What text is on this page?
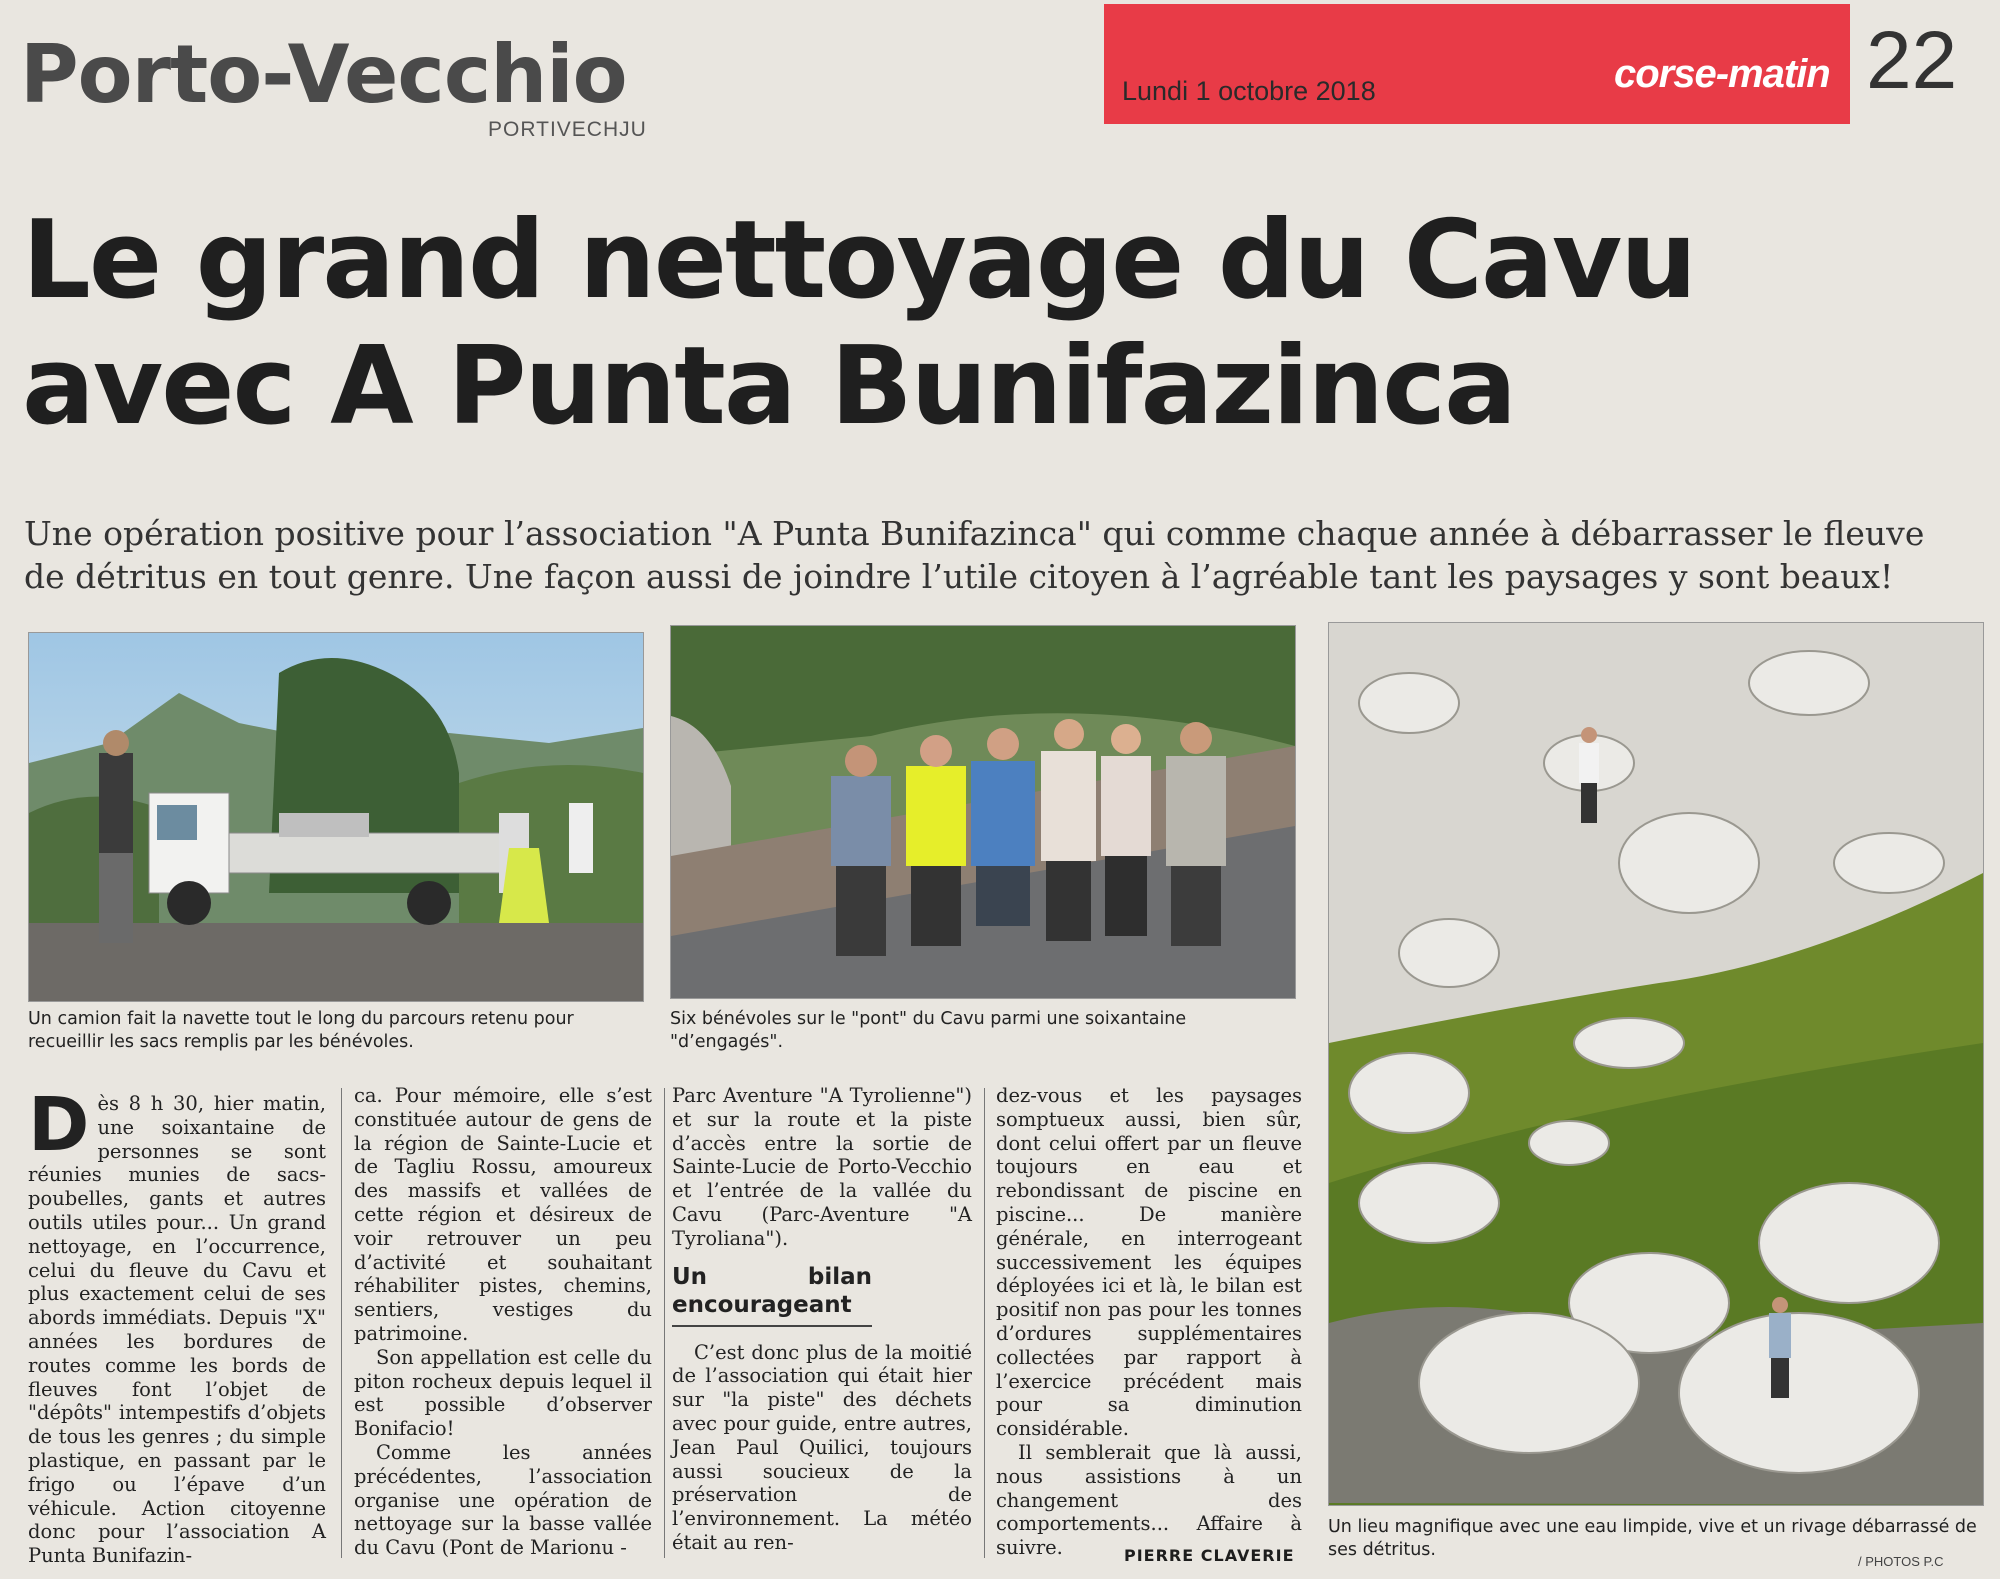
Porto-Vecchio
PORTIVECHJU
Lundi 1 octobre 2018	corse-matin 22
Le grand nettoyage du Cavu
avec A Punta Bunifazinca
Une opération positive pour l’association "A Punta Bunifazinca" qui comme chaque année à débarrasser le fleuve de détritus en tout genre. Une façon aussi de joindre l’utile citoyen à l’agréable tant les paysages y sont beaux!
Un camion fait la navette tout le long du parcours retenu pour recueillir les sacs remplis par les bénévoles.
Six bénévoles sur le "pont" du Cavu parmi une soixantaine "d’engagés".
Un lieu magnifique avec une eau limpide, vive et un rivage débarrassé de ses détritus.
/ PHOTOS P.C
D ès 8 h 30, hier matin, une soixantaine de personnes se sont réunies munies de sacs-poubelles, gants et autres outils utiles pour... Un grand nettoyage, en l’occurrence, celui du fleuve du Cavu et plus exactement celui de ses abords immédiats. Depuis "X" années les bordures de routes comme les bords de fleuves font l’objet de "dépôts" intempestifs d’objets de tous les genres ; du simple plastique, en passant par le frigo ou l’épave d’un véhicule. Action citoyenne donc pour l’association A Punta Bunifazin-

ca. Pour mémoire, elle s’est constituée autour de gens de la région de Sainte-Lucie et de Tagliu Rossu, amoureux des massifs et vallées de cette région et désireux de voir retrouver un peu d’activité et souhaitant réhabiliter pistes, chemins, sentiers, vestiges du patrimoine.

Son appellation est celle du piton rocheux depuis lequel il est possible d’observer Bonifacio!

Comme les années précédentes, l’association organise une opération de nettoyage sur la basse vallée du Cavu (Pont de Marionu -

Parc Aventure "A Tyrolienne") et sur la route et la piste d’accès entre la sortie de Sainte-Lucie de Porto-Vecchio et l’entrée de la vallée du Cavu (Parc-Aventure "A Tyroliana").

Un bilan encourageant

C’est donc plus de la moitié de l’association qui était hier sur "la piste" des déchets avec pour guide, entre autres, Jean Paul Quilici, toujours aussi soucieux de la préservation de l’environnement. La météo était au ren-

dez-vous et les paysages somptueux aussi, bien sûr, dont celui offert par un fleuve toujours en eau et rebondissant de piscine en piscine... De manière générale, en interrogeant successivement les équipes déployées ici et là, le bilan est positif non pas pour les tonnes d’ordures supplémentaires collectées par rapport à l’exercice précédent mais pour sa diminution considérable.

Il semblerait que là aussi, nous assistions à un changement des comportements... Affaire à suivre.	PIERRE CLAVERIE
